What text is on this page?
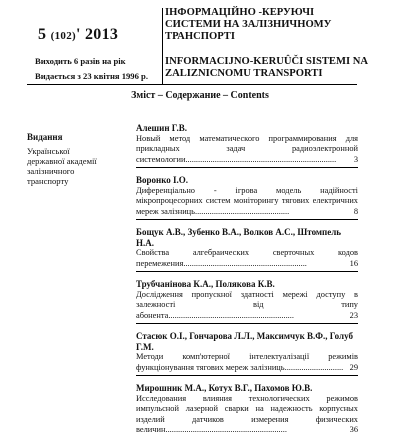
5 (102)' 2013
Виходить 6 разів на рік
Видається з 23 квітня 1996 р.
ІНФОРМАЦІЙНО -КЕРУЮЧІ СИСТЕМИ НА ЗАЛІЗНИЧНОМУ ТРАНСПОРТІ
INFORMACIJNO-KERUÛČI SISTEMI NA ZALIZNICNOMU TRANSPORTI
Зміст – Содержание – Contents
Видання
Української державної академії залізничного транспорту
Алешин Г.В.
Новый метод математического программирования для прикладных задач радиоэлектронной системологии........................................................................ 3
Воронко І.О.
Диференціально - ігрова модель надійності мікропроцесорних систем моніторингу тягових електричних мереж залізниць.............................................	8
Бощук А.В., Зубенко В.А., Волков А.С., Штомпель Н.А.
Свойства алгебраических сверточных кодов перемежения...........................................................	16
Трубчанінова К.А., Полякова К.В.
Дослідження пропускної здатності мережі доступу в залежності від типу абонента............................................................	23
Стасюк О.І., Гончарова Л.Л., Максимчук В.Ф., Голуб Г.М.
Методи комп'ютерної інтелектуалізації режимів функціонування тягових мереж залізниць............................ 29
Мирошник М.А., Котух В.Г., Пахомов Ю.В.
Исследования влияния технологических режимов импульсной лазерной сварки на надежность корпусных изделий датчиков измерения физических величин..........................................................	36
